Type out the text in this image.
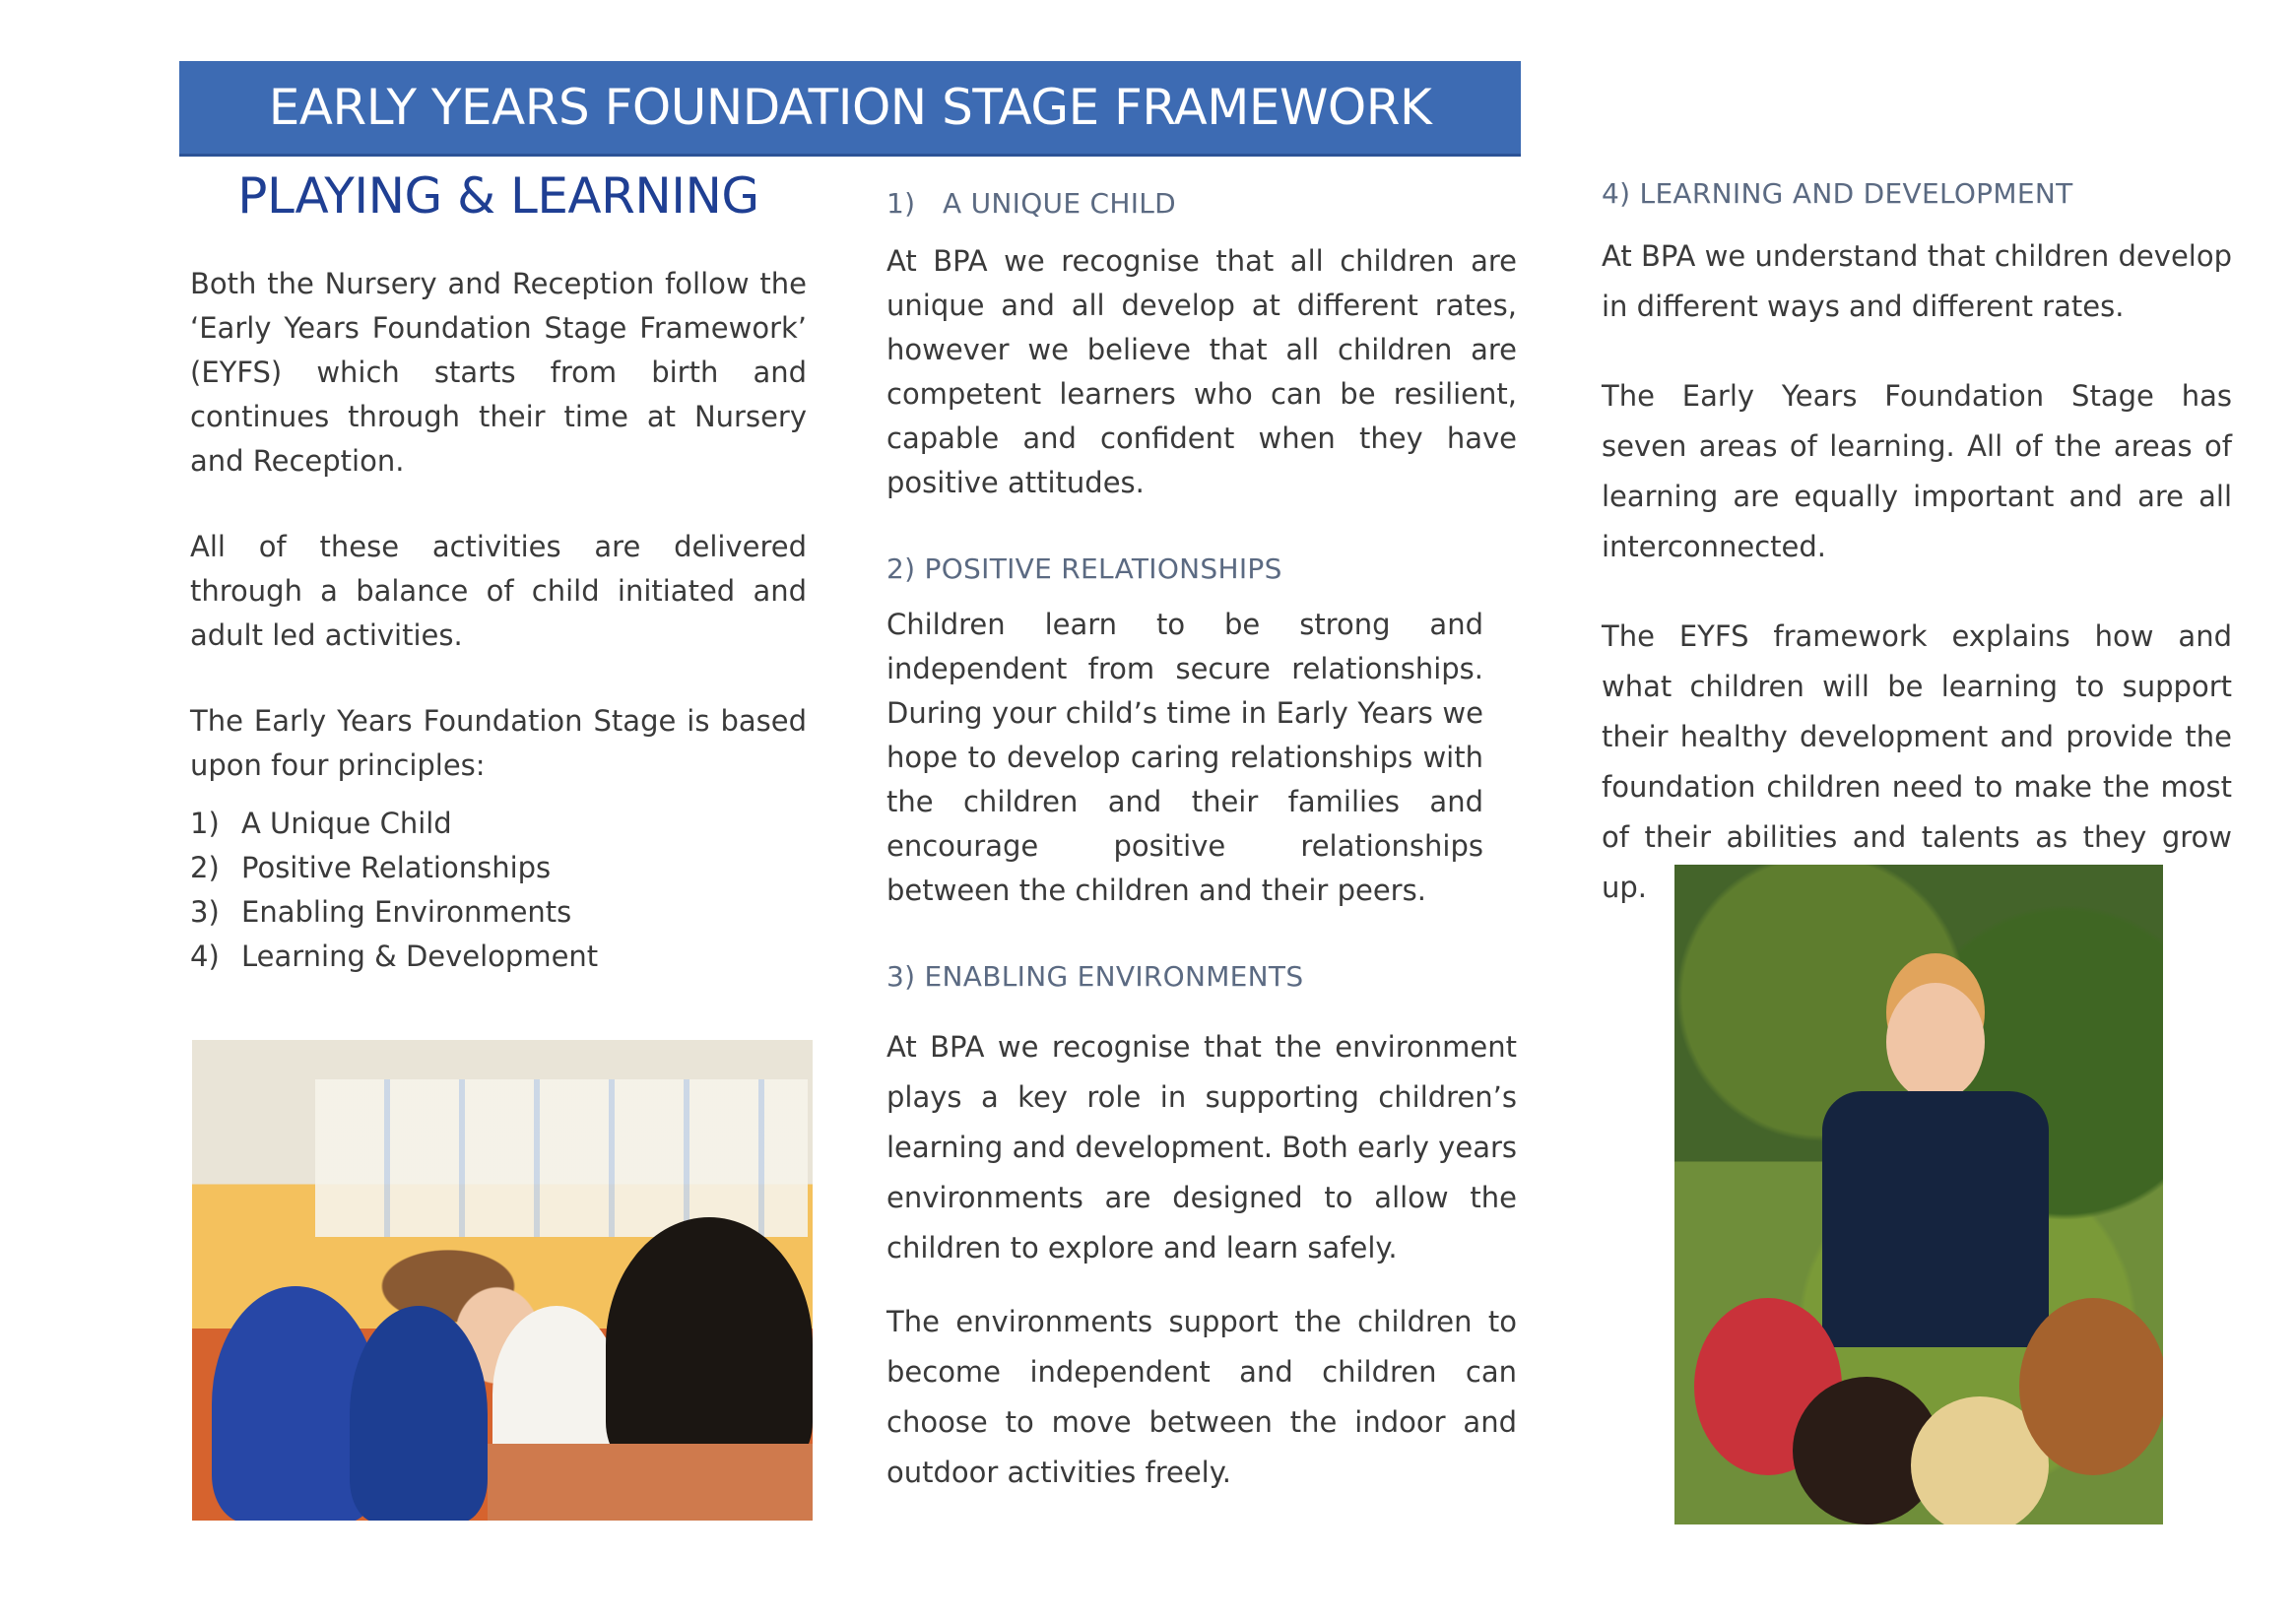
EARLY YEARS FOUNDATION STAGE FRAMEWORK
PLAYING & LEARNING

Both the Nursery and Reception follow the ‘Early Years Foundation Stage Framework’ (EYFS) which starts from birth and continues through their time at Nursery and Reception.

All of these activities are delivered through a balance of child initiated and adult led activities.

The Early Years Foundation Stage is based upon four principles:

1) A Unique Child
2) Positive Relationships
3) Enabling Environments
4) Learning & Development
1)   A UNIQUE CHILD

At BPA we recognise that all children are unique and all develop at different rates, however we believe that all children are competent learners who can be resilient, capable and confident when they have positive attitudes.

2) POSITIVE RELATIONSHIPS

Children learn to be strong and independent from secure relationships. During your child’s time in Early Years we hope to develop caring relationships with the children and their families and encourage positive relationships between the children and their peers.

3) ENABLING ENVIRONMENTS

At BPA we recognise that the environment plays a key role in supporting children’s learning and development. Both early years environments are designed to allow the children to explore and learn safely.

The environments support the children to become independent and children can choose to move between the indoor and outdoor activities freely.

4) LEARNING AND DEVELOPMENT

At BPA we understand that children develop in different ways and different rates.

The Early Years Foundation Stage has seven areas of learning. All of the areas of learning are equally important and are all interconnected.

The EYFS framework explains how and what children will be learning to support their healthy development and provide the foundation children need to make the most of their abilities and talents as they grow up.
